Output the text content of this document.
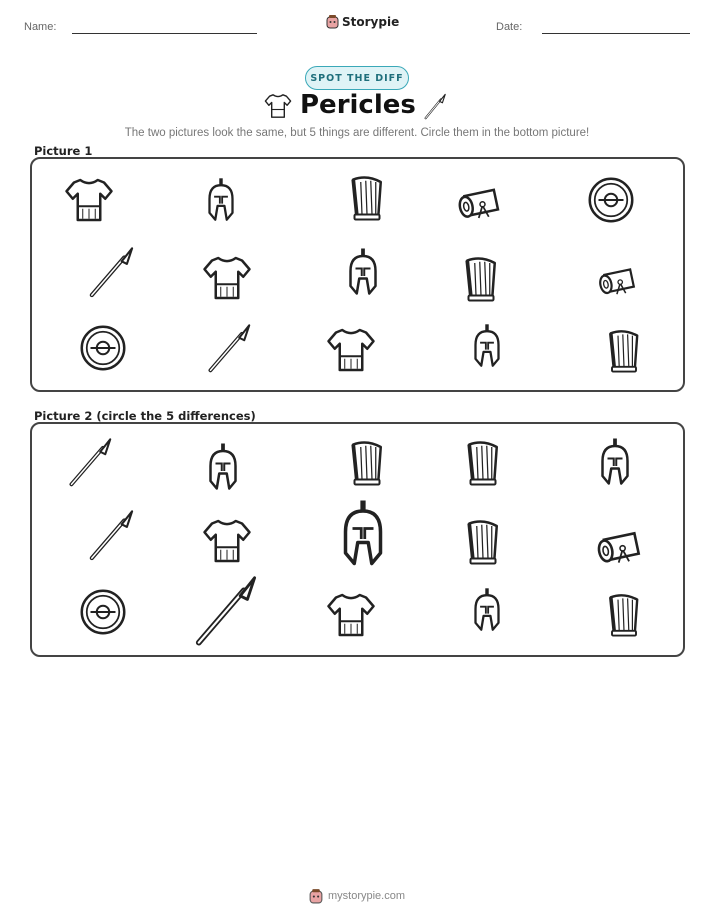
Name:	Storypie	Date:
SPOT THE DIFF
Pericles
The two pictures look the same, but 5 things are different. Circle them in the bottom picture!
Picture 1
Picture 2 (circle the 5 differences)
mystorypie.com
